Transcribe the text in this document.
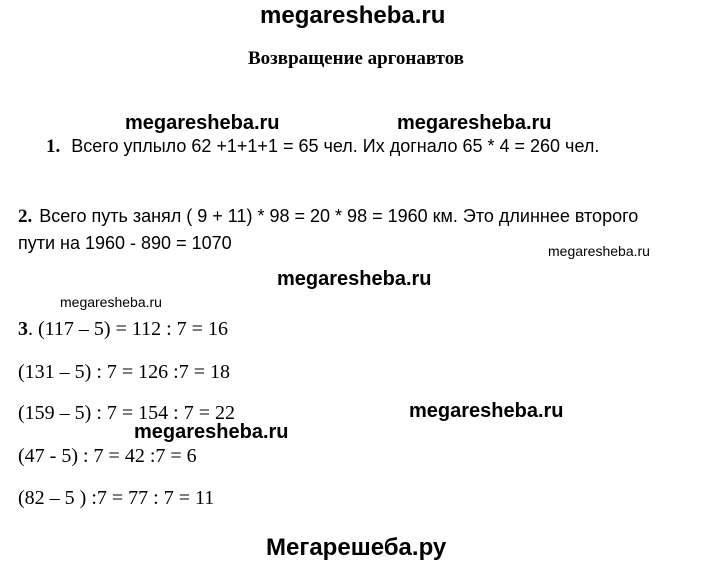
megaresheba.ru
Возвращение аргонавтов
megaresheba.ru	megaresheba.ru
1. Всего уплыло 62 +1+1+1 = 65 чел. Их догнало 65 * 4 = 260 чел.
2. Всего путь занял ( 9 + 11) * 98 = 20 * 98 = 1960 км. Это длиннее второго
пути на 1960 - 890 = 1070	megaresheba.ru
megaresheba.ru
megaresheba.ru
3. (117 – 5) = 112 : 7 = 16
(131 – 5) : 7 = 126 :7 = 18
(159 – 5) : 7 = 154 : 7 = 22
(47 - 5) : 7 = 42 :7 = 6
(82 – 5 ) :7 = 77 : 7 = 11
megaresheba.ru
megaresheba.ru
Мегарешеба.ру
